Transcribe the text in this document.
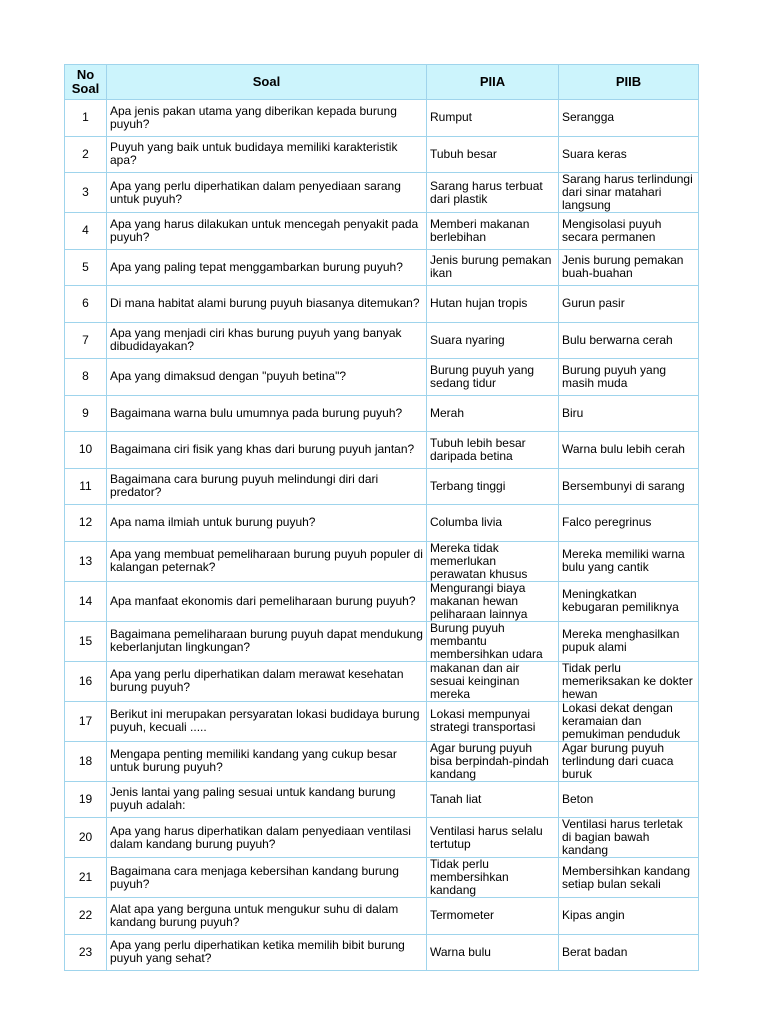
No Soal	Soal	PIIA	PIIB
1	Apa jenis pakan utama yang diberikan kepada burung puyuh?	Rumput	Serangga
2	Puyuh yang baik untuk budidaya memiliki karakteristik apa?	Tubuh besar	Suara keras
3	Apa yang perlu diperhatikan dalam penyediaan sarang untuk puyuh?	Sarang harus terbuat dari plastik	Sarang harus terlindungi dari sinar matahari langsung
4	Apa yang harus dilakukan untuk mencegah penyakit pada puyuh?	Memberi makanan berlebihan	Mengisolasi puyuh secara permanen
5	Apa yang paling tepat menggambarkan burung puyuh?	Jenis burung pemakan ikan	Jenis burung pemakan buah-buahan
6	Di mana habitat alami burung puyuh biasanya ditemukan?	Hutan hujan tropis	Gurun pasir
7	Apa yang menjadi ciri khas burung puyuh yang banyak dibudidayakan?	Suara nyaring	Bulu berwarna cerah
8	Apa yang dimaksud dengan "puyuh betina"?	Burung puyuh yang sedang tidur	Burung puyuh yang masih muda
9	Bagaimana warna bulu umumnya pada burung puyuh?	Merah	Biru
10	Bagaimana ciri fisik yang khas dari burung puyuh jantan?	Tubuh lebih besar daripada betina	Warna bulu lebih cerah
11	Bagaimana cara burung puyuh melindungi diri dari predator?	Terbang tinggi	Bersembunyi di sarang
12	Apa nama ilmiah untuk burung puyuh?	Columba livia	Falco peregrinus
13	Apa yang membuat pemeliharaan burung puyuh populer di kalangan peternak?	Mereka tidak memerlukan perawatan khusus	Mereka memiliki warna bulu yang cantik
14	Apa manfaat ekonomis dari pemeliharaan burung puyuh?	Mengurangi biaya makanan hewan peliharaan lainnya	Meningkatkan kebugaran pemiliknya
15	Bagaimana pemeliharaan burung puyuh dapat mendukung keberlanjutan lingkungan?	Burung puyuh membantu membersihkan udara	Mereka menghasilkan pupuk alami
16	Apa yang perlu diperhatikan dalam merawat kesehatan burung puyuh?	makanan dan air sesuai keinginan mereka	Tidak perlu memeriksakan ke dokter hewan
17	Berikut ini merupakan persyaratan lokasi budidaya burung puyuh, kecuali .....	Lokasi mempunyai strategi transportasi	Lokasi dekat dengan keramaian dan pemukiman penduduk
18	Mengapa penting memiliki kandang yang cukup besar untuk burung puyuh?	Agar burung puyuh bisa berpindah-pindah kandang	Agar burung puyuh terlindung dari cuaca buruk
19	Jenis lantai yang paling sesuai untuk kandang burung puyuh adalah:	Tanah liat	Beton
20	Apa yang harus diperhatikan dalam penyediaan ventilasi dalam kandang burung puyuh?	Ventilasi harus selalu tertutup	Ventilasi harus terletak di bagian bawah kandang
21	Bagaimana cara menjaga kebersihan kandang burung puyuh?	Tidak perlu membersihkan kandang	Membersihkan kandang setiap bulan sekali
22	Alat apa yang berguna untuk mengukur suhu di dalam kandang burung puyuh?	Termometer	Kipas angin
23	Apa yang perlu diperhatikan ketika memilih bibit burung puyuh yang sehat?	Warna bulu	Berat badan
